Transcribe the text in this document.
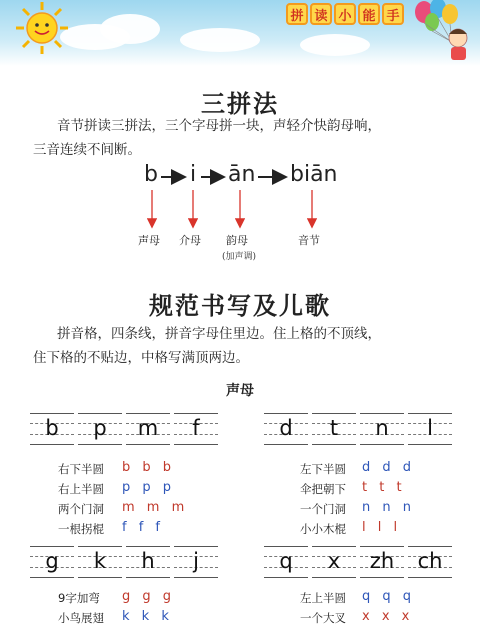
拼 读 小 能 手
三拼法
音节拼读三拼法，三个字母拼一块，声轻介快韵母响，
三音连续不间断。
b i ān biān
声母 介母 韵母
(加声调)
音节
规范书写及儿歌
拼音格，四条线，拼音字母住里边。住上格的不顶线，
住下格的不贴边，中格写满顶两边。
声母
b	p	m	f	d	t	n	l
g	k	h	j	q	x	zh	ch
右下半圆 b b b
右上半圆 p p p
两个门洞 m m m
一根拐棍 f f f
左下半圆 d d d
伞把朝下 t t t
一个门洞 n n n
小小木棍 l l l
9字加弯 g g g
小鸟展翅 k k k
左上半圆 q q q
一个大叉 x x x
